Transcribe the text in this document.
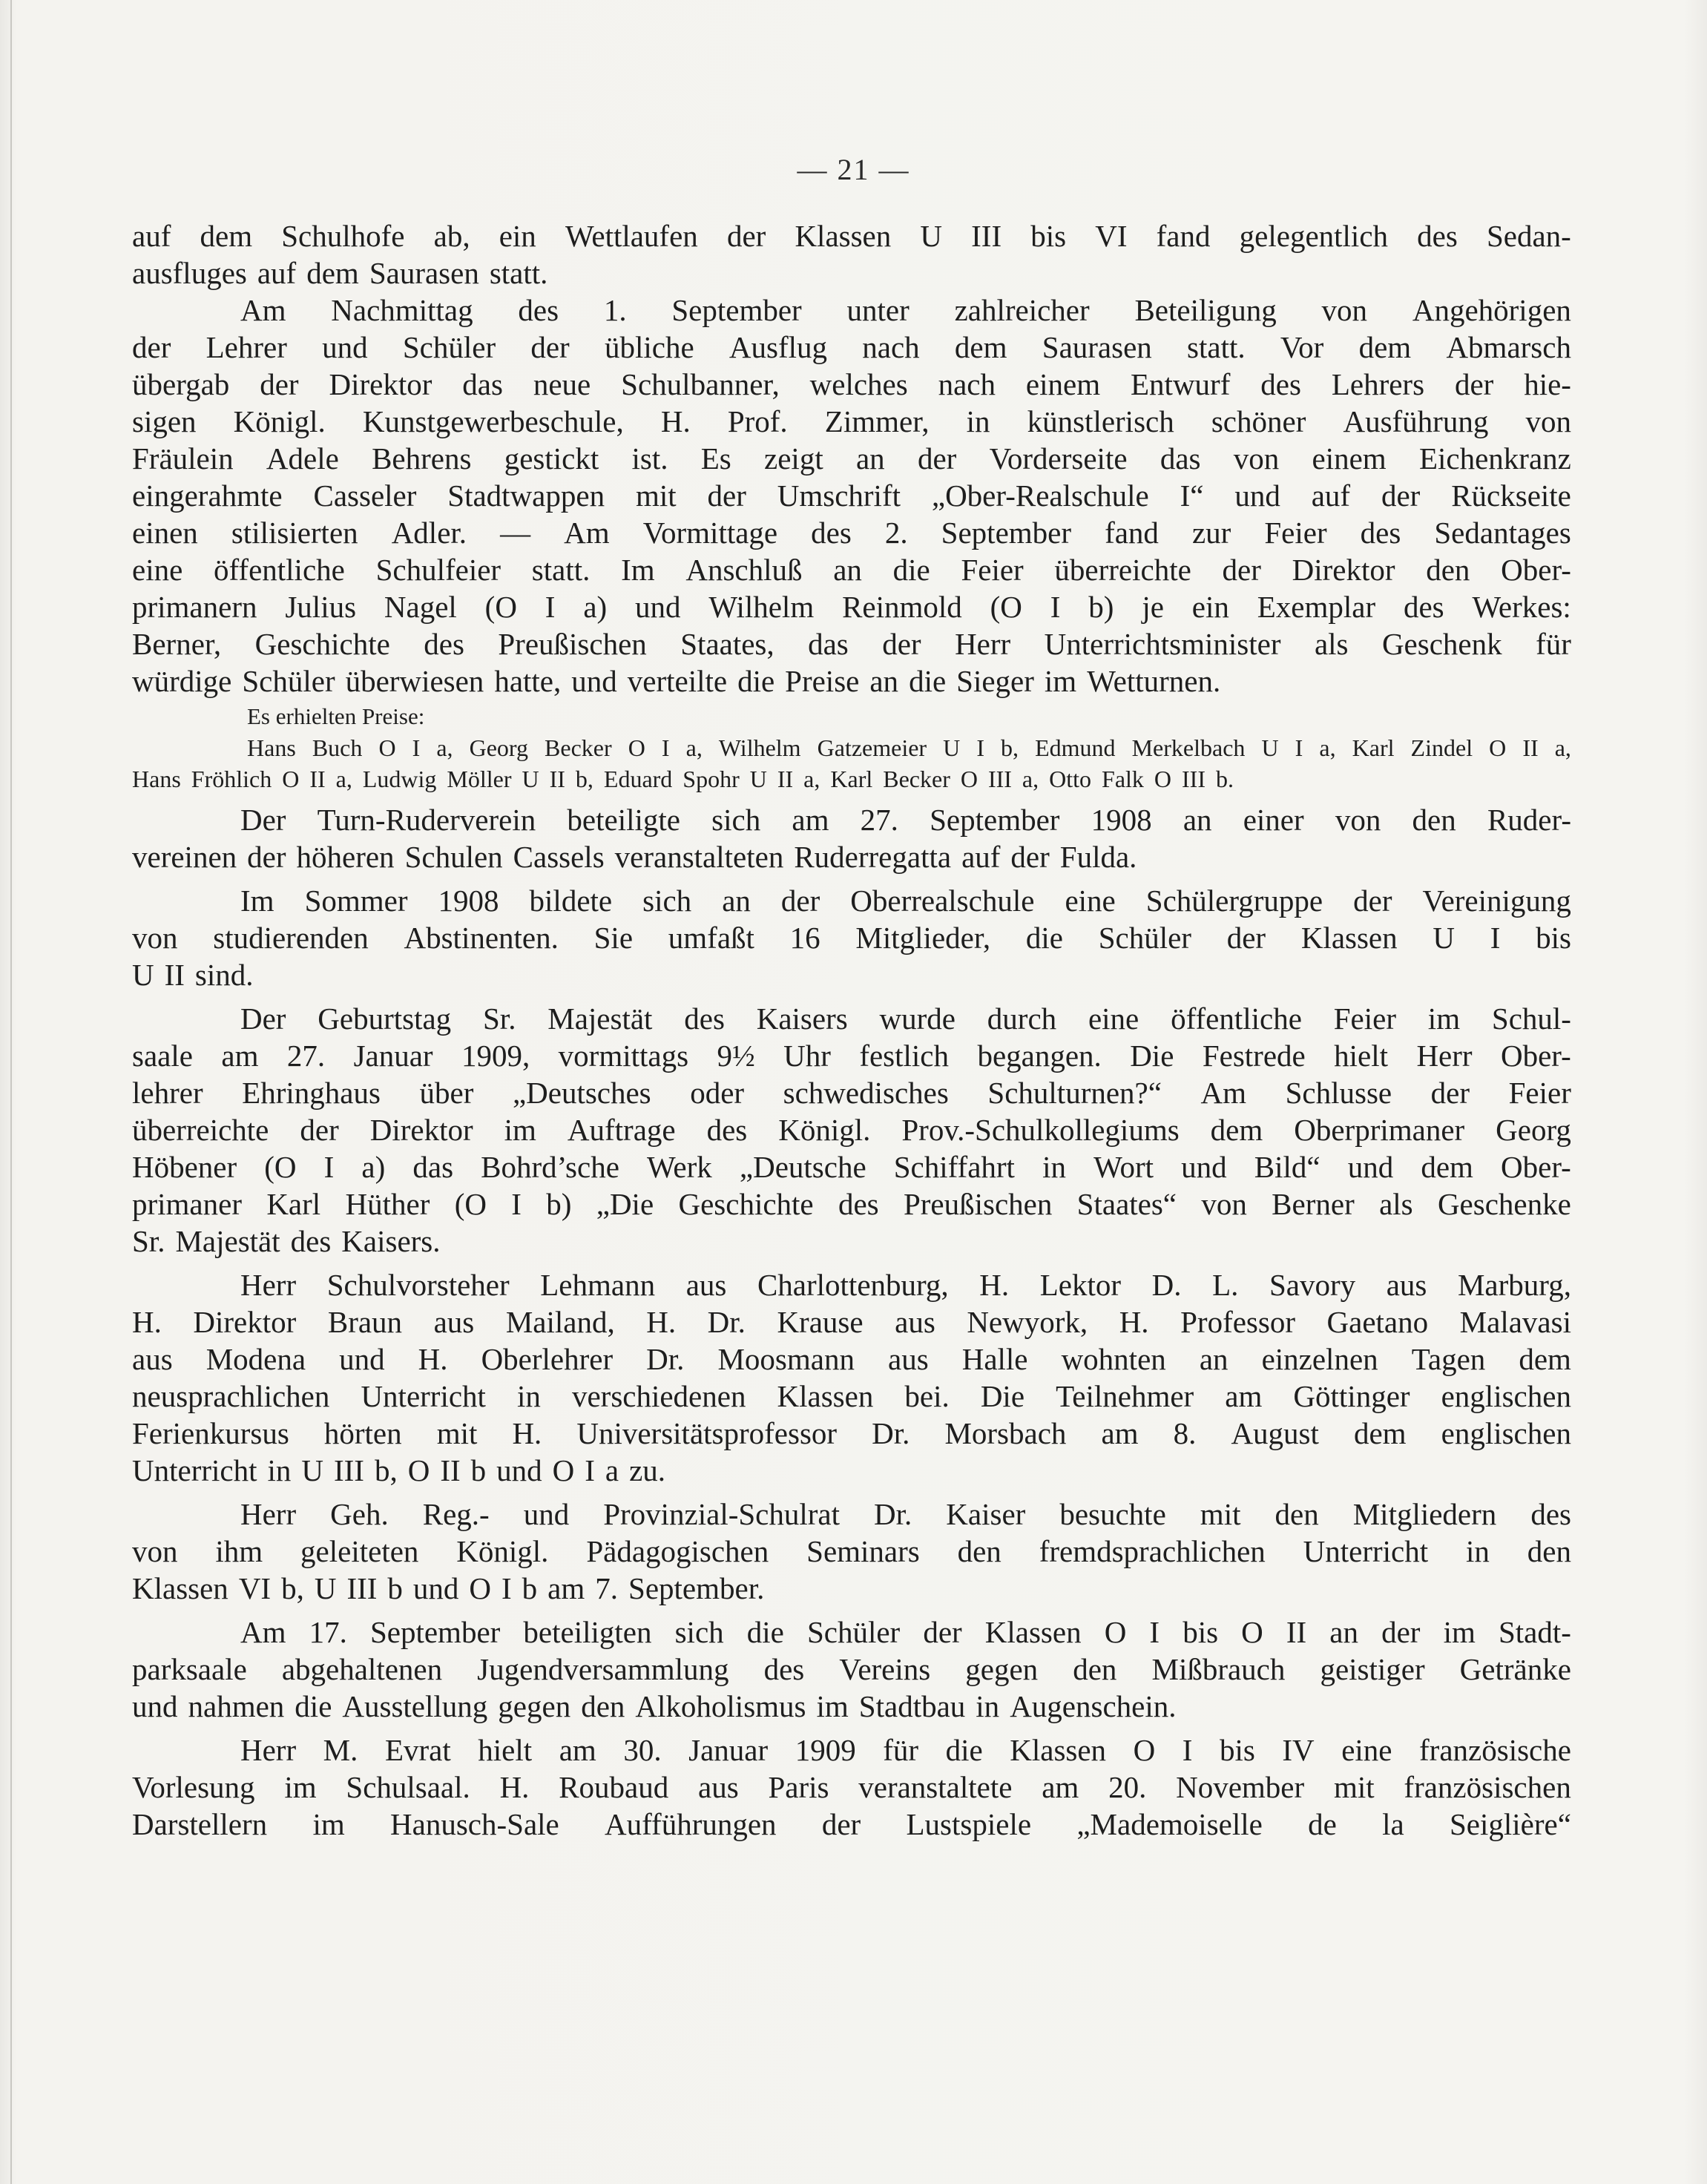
— 21 —
auf dem Schulhofe ab, ein Wettlaufen der Klassen U III bis VI fand gelegentlich des Sedan-
ausfluges auf dem Saurasen statt.
Am Nachmittag des 1. September unter zahlreicher Beteiligung von Angehörigen
der Lehrer und Schüler der übliche Ausflug nach dem Saurasen statt. Vor dem Abmarsch
übergab der Direktor das neue Schulbanner, welches nach einem Entwurf des Lehrers der hie-
sigen Königl. Kunstgewerbeschule, H. Prof. Zimmer, in künstlerisch schöner Ausführung von
Fräulein Adele Behrens gestickt ist. Es zeigt an der Vorderseite das von einem Eichenkranz
eingerahmte Casseler Stadtwappen mit der Umschrift „Ober-Realschule I“ und auf der Rückseite
einen stilisierten Adler. — Am Vormittage des 2. September fand zur Feier des Sedantages
eine öffentliche Schulfeier statt. Im Anschluß an die Feier überreichte der Direktor den Ober-
primanern Julius Nagel (O I a) und Wilhelm Reinmold (O I b) je ein Exemplar des Werkes:
Berner, Geschichte des Preußischen Staates, das der Herr Unterrichtsminister als Geschenk für
würdige Schüler überwiesen hatte, und verteilte die Preise an die Sieger im Wetturnen.
Es erhielten Preise:
Hans Buch O I a, Georg Becker O I a, Wilhelm Gatzemeier U I b, Edmund Merkelbach U I a, Karl Zindel O II a,
Hans Fröhlich O II a, Ludwig Möller U II b, Eduard Spohr U II a, Karl Becker O III a, Otto Falk O III b.
Der Turn-Ruderverein beteiligte sich am 27. September 1908 an einer von den Ruder-
vereinen der höheren Schulen Cassels veranstalteten Ruderregatta auf der Fulda.
Im Sommer 1908 bildete sich an der Oberrealschule eine Schülergruppe der Vereinigung
von studierenden Abstinenten. Sie umfaßt 16 Mitglieder, die Schüler der Klassen U I bis
U II sind.
Der Geburtstag Sr. Majestät des Kaisers wurde durch eine öffentliche Feier im Schul-
saale am 27. Januar 1909, vormittags 9½ Uhr festlich begangen. Die Festrede hielt Herr Ober-
lehrer Ehringhaus über „Deutsches oder schwedisches Schulturnen?“ Am Schlusse der Feier
überreichte der Direktor im Auftrage des Königl. Prov.-Schulkollegiums dem Oberprimaner Georg
Höbener (O I a) das Bohrd’sche Werk „Deutsche Schiffahrt in Wort und Bild“ und dem Ober-
primaner Karl Hüther (O I b) „Die Geschichte des Preußischen Staates“ von Berner als Geschenke
Sr. Majestät des Kaisers.
Herr Schulvorsteher Lehmann aus Charlottenburg, H. Lektor D. L. Savory aus Marburg,
H. Direktor Braun aus Mailand, H. Dr. Krause aus Newyork, H. Professor Gaetano Malavasi
aus Modena und H. Oberlehrer Dr. Moosmann aus Halle wohnten an einzelnen Tagen dem
neusprachlichen Unterricht in verschiedenen Klassen bei. Die Teilnehmer am Göttinger englischen
Ferienkursus hörten mit H. Universitätsprofessor Dr. Morsbach am 8. August dem englischen
Unterricht in U III b, O II b und O I a zu.
Herr Geh. Reg.- und Provinzial-Schulrat Dr. Kaiser besuchte mit den Mitgliedern des
von ihm geleiteten Königl. Pädagogischen Seminars den fremdsprachlichen Unterricht in den
Klassen VI b, U III b und O I b am 7. September.
Am 17. September beteiligten sich die Schüler der Klassen O I bis O II an der im Stadt-
parksaale abgehaltenen Jugendversammlung des Vereins gegen den Mißbrauch geistiger Getränke
und nahmen die Ausstellung gegen den Alkoholismus im Stadtbau in Augenschein.
Herr M. Evrat hielt am 30. Januar 1909 für die Klassen O I bis IV eine französische
Vorlesung im Schulsaal. H. Roubaud aus Paris veranstaltete am 20. November mit französischen
Darstellern im Hanusch-Sale Aufführungen der Lustspiele „Mademoiselle de la Seiglière“
